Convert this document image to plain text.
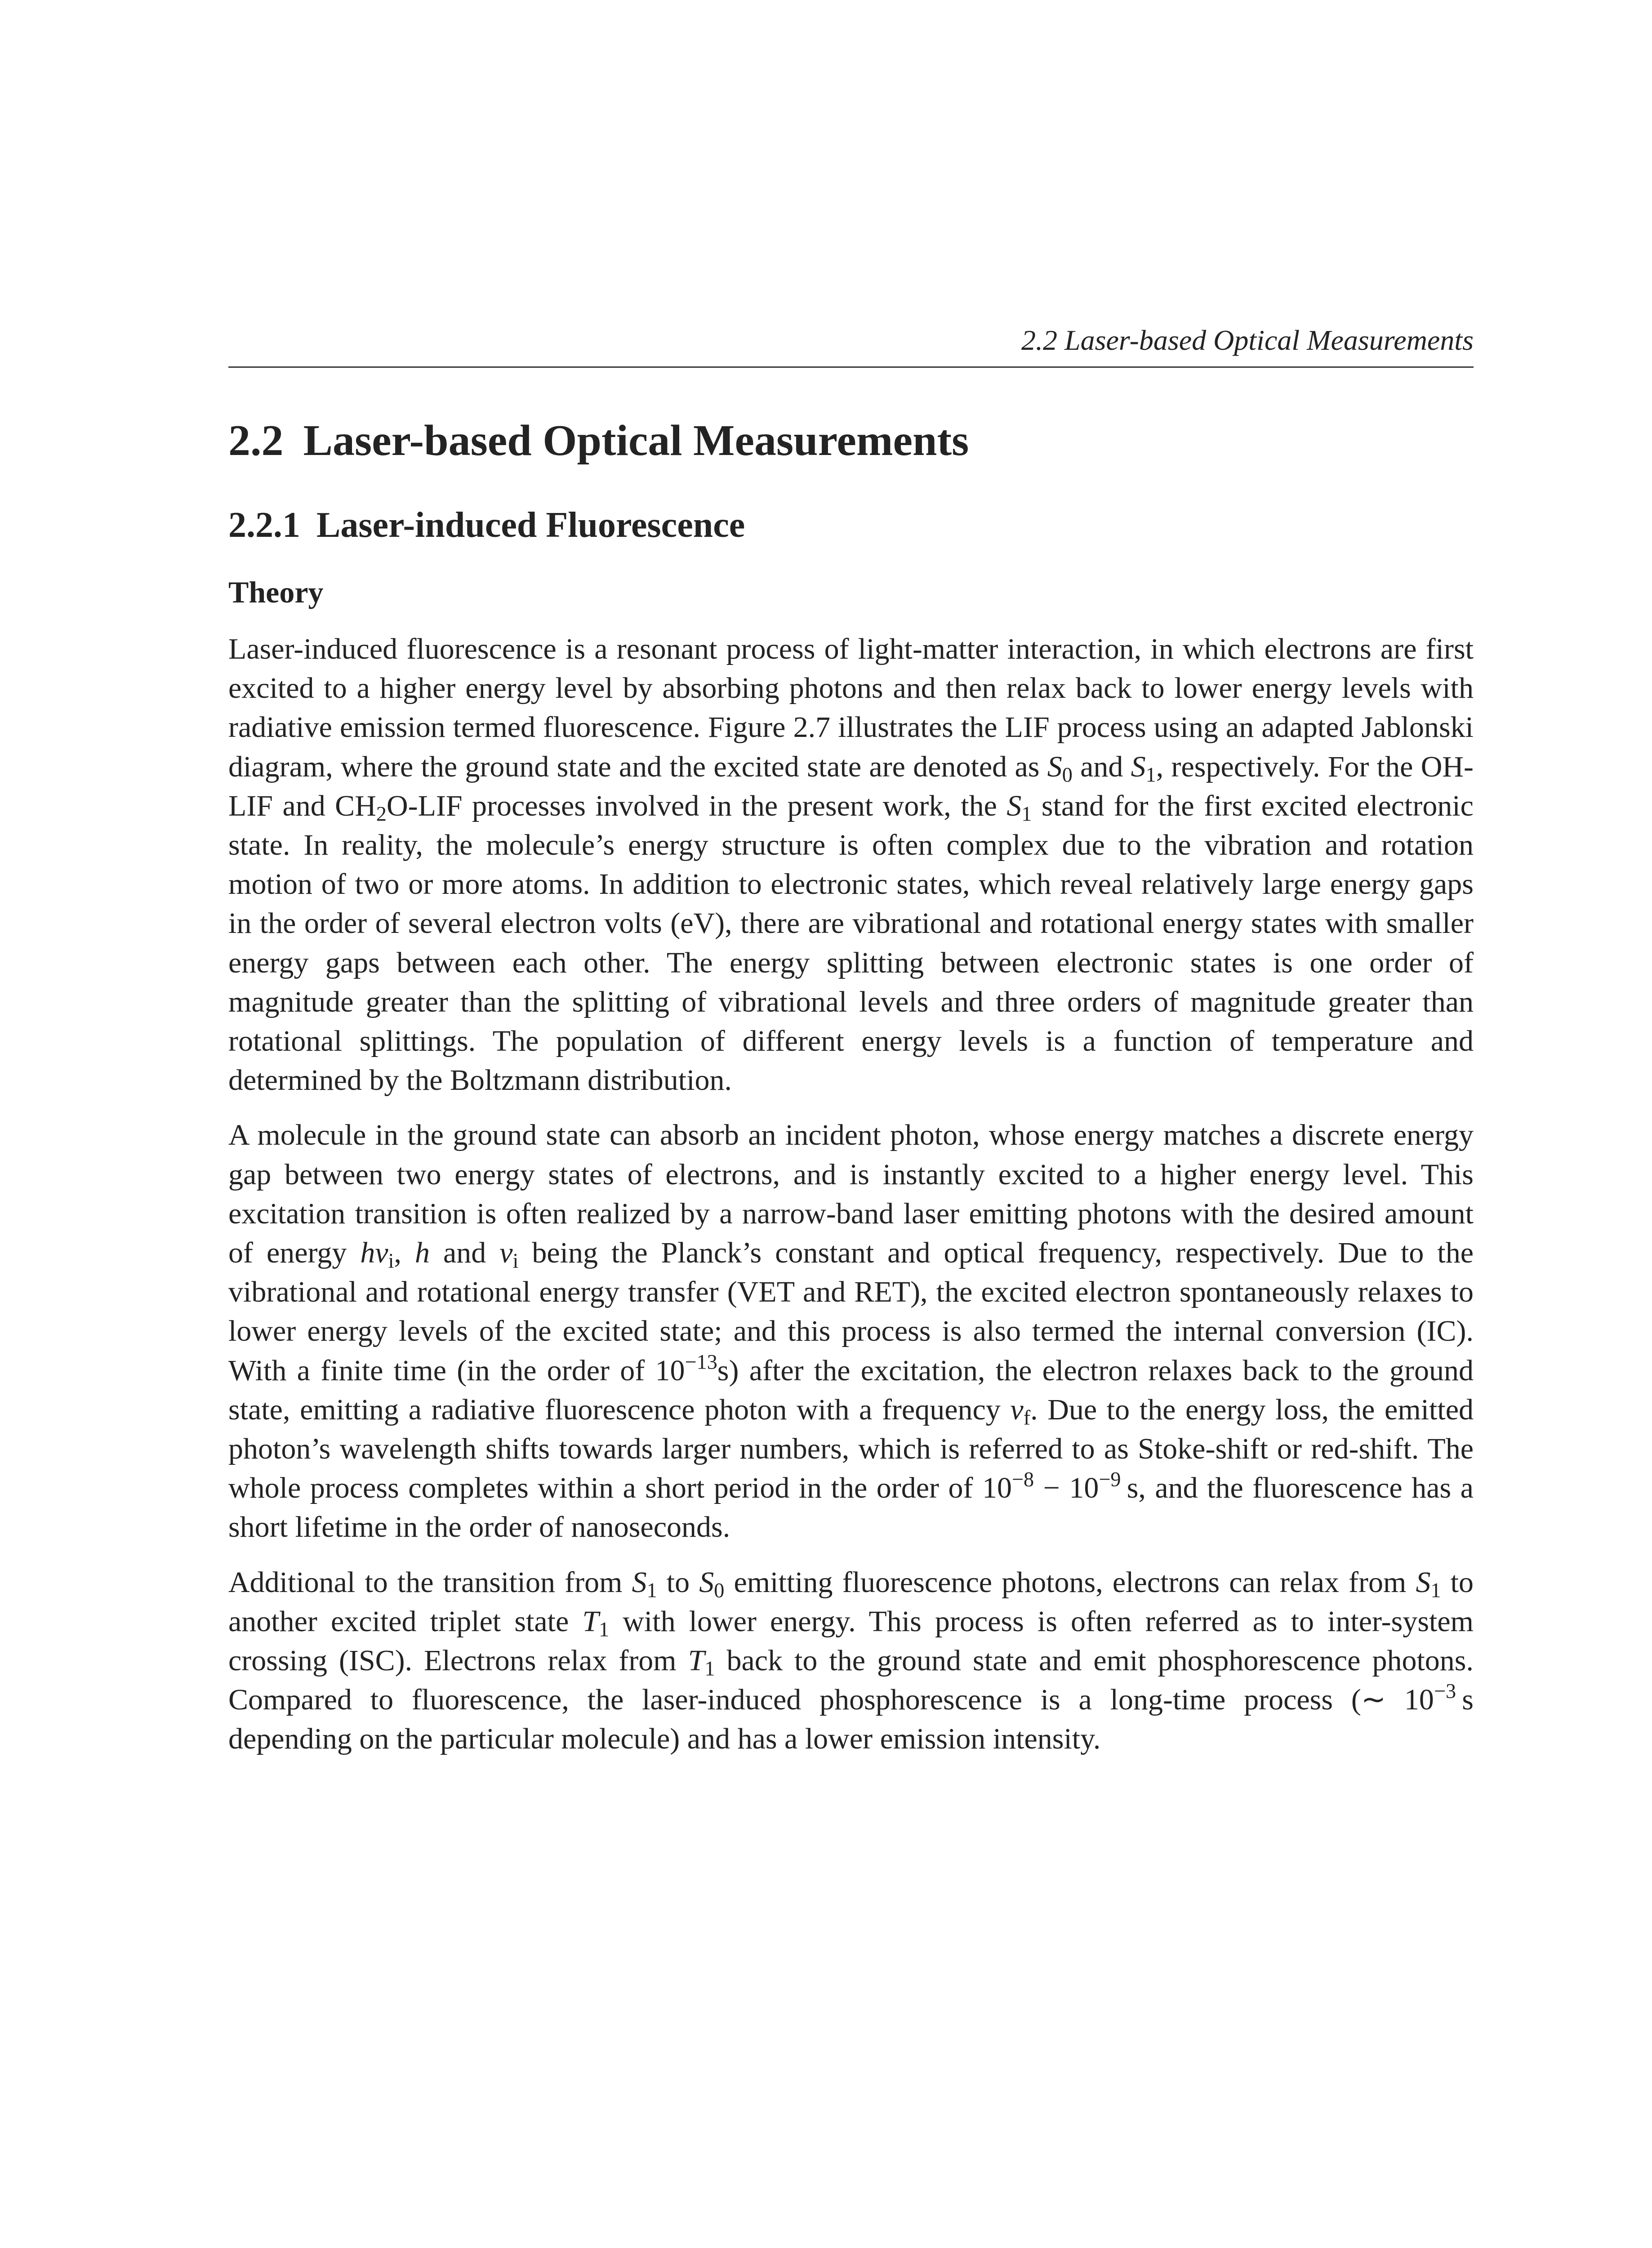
2.2 Laser-based Optical Measurements
2.2 Laser-based Optical Measurements
2.2.1 Laser-induced Fluorescence
Theory

Laser-induced fluorescence is a resonant process of light-matter interaction, in which electrons are first excited to a higher energy level by absorbing photons and then relax back to lower energy levels with radiative emission termed fluorescence. Figure 2.7 illustrates the LIF process using an adapted Jablonski diagram, where the ground state and the excited state are denoted as $S_0$ and $S_1$, respectively. For the OH-LIF and $CH_2O$-LIF processes involved in the present work, the $S_1$ stand for the first excited electronic state. In reality, the molecule’s energy structure is often complex due to the vibration and rotation motion of two or more atoms. In addition to electronic states, which reveal relatively large energy gaps in the order of several electron volts (eV), there are vibrational and rotational energy states with smaller energy gaps between each other. The energy splitting between electronic states is one order of magnitude greater than the splitting of vibrational levels and three orders of magnitude greater than rotational splittings. The population of different energy levels is a function of temperature and determined by the Boltzmann distribution.

A molecule in the ground state can absorb an incident photon, whose energy matches a discrete energy gap between two energy states of electrons, and is instantly excited to a higher energy level. This excitation transition is often realized by a narrow-band laser emitting photons with the desired amount of energy $h\nu_i$, h and $\nu_i$ being the Planck’s constant and optical frequency, respectively. Due to the vibrational and rotational energy transfer (VET and RET), the excited electron spontaneously relaxes to lower energy levels of the excited state; and this process is also termed the internal conversion (IC). With a finite time (in the order of $10^{-13}s$) after the excitation, the electron relaxes back to the ground state, emitting a radiative fluorescence photon with a frequency $\nu_f$. Due to the energy loss, the emitted photon’s wavelength shifts towards larger numbers, which is referred to as Stoke-shift or red-shift. The whole process completes within a short period in the order of $10^{-8} - 10^{-9}$ s, and the fluorescence has a short lifetime in the order of nanoseconds.

Additional to the transition from $S_1$ to $S_0$ emitting fluorescence photons, electrons can relax from $S_1$ to another excited triplet state $T_1$ with lower energy. This process is often referred as to inter-system crossing (ISC). Electrons relax from $T_1$ back to the ground state and emit phosphorescence photons. Compared to fluorescence, the laser-induced phosphorescence is a long-time process (∼ $10^{-3}$ s depending on the particular molecule) and has a lower emission intensity.
